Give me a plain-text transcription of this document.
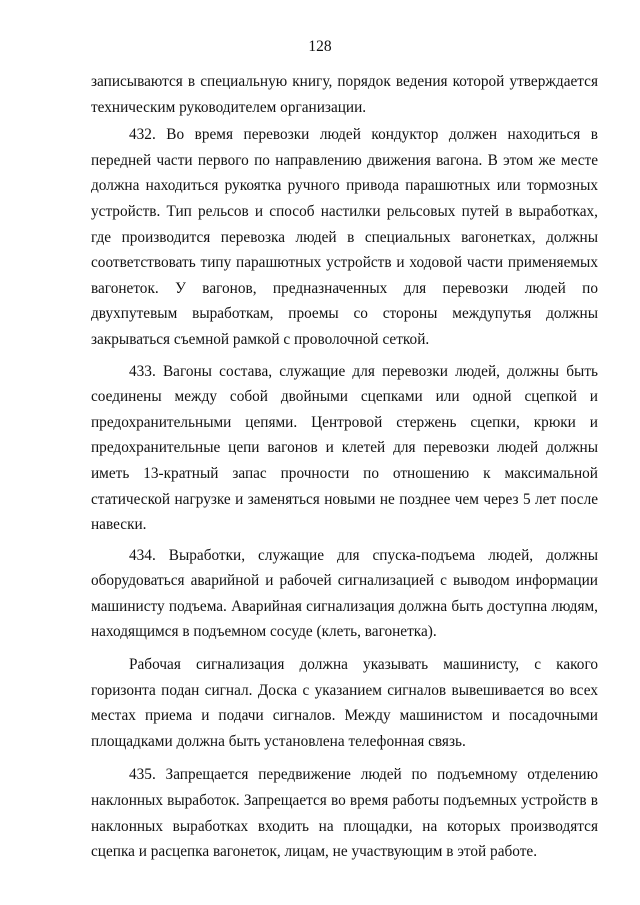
128

записываются в специальную книгу, порядок ведения которой утверждается техническим руководителем организации.

432. Во время перевозки людей кондуктор должен находиться в передней части первого по направлению движения вагона. В этом же месте должна находиться рукоятка ручного привода парашютных или тормозных устройств. Тип рельсов и способ настилки рельсовых путей в выработках, где производится перевозка людей в специальных вагонетках, должны соответствовать типу парашютных устройств и ходовой части применяемых вагонеток. У вагонов, предназначенных для перевозки людей по двухпутевым выработкам, проемы со стороны междупутья должны закрываться съемной рамкой с проволочной сеткой.

433. Вагоны состава, служащие для перевозки людей, должны быть соединены между собой двойными сцепками или одной сцепкой и предохранительными цепями. Центровой стержень сцепки, крюки и предохранительные цепи вагонов и клетей для перевозки людей должны иметь 13-кратный запас прочности по отношению к максимальной статической нагрузке и заменяться новыми не позднее чем через 5 лет после навески.

434. Выработки, служащие для спуска-подъема людей, должны оборудоваться аварийной и рабочей сигнализацией с выводом информации машинисту подъема. Аварийная сигнализация должна быть доступна людям, находящимся в подъемном сосуде (клеть, вагонетка).

Рабочая сигнализация должна указывать машинисту, с какого горизонта подан сигнал. Доска с указанием сигналов вывешивается во всех местах приема и подачи сигналов. Между машинистом и посадочными площадками должна быть установлена телефонная связь.

435. Запрещается передвижение людей по подъемному отделению наклонных выработок. Запрещается во время работы подъемных устройств в наклонных выработках входить на площадки, на которых производятся сцепка и расцепка вагонеток, лицам, не участвующим в этой работе.
